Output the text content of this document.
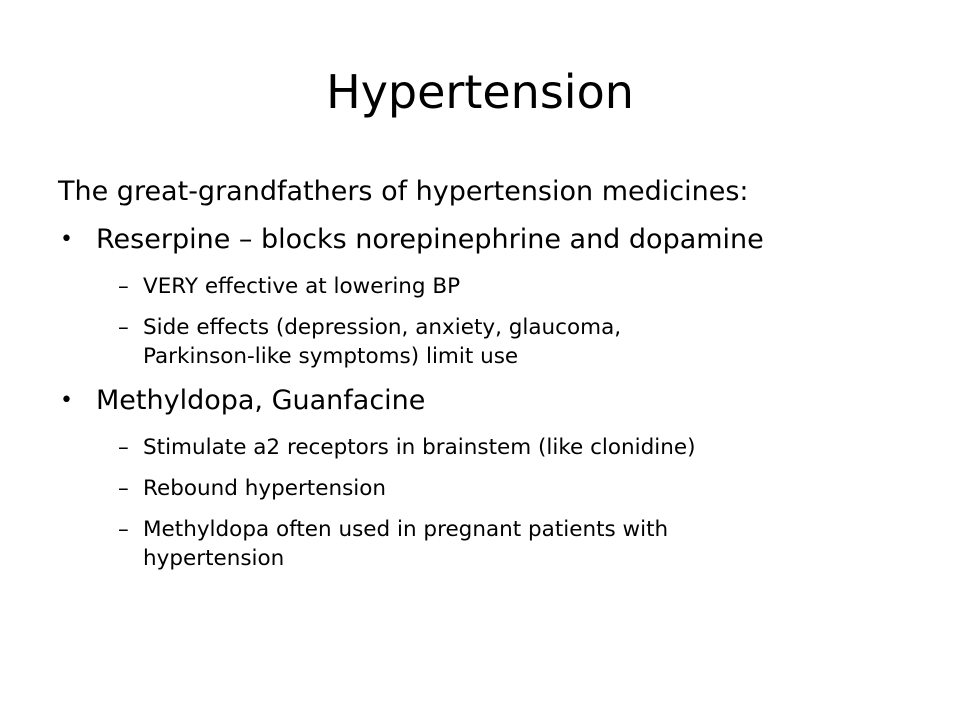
Hypertension
The great-grandfathers of hypertension medicines:
• Reserpine – blocks norepinephrine and dopamine
– VERY effective at lowering BP
– Side effects (depression, anxiety, glaucoma,
Parkinson-like symptoms) limit use
• Methyldopa, Guanfacine
– Stimulate a2 receptors in brainstem (like clonidine)
– Rebound hypertension
– Methyldopa often used in pregnant patients with
hypertension
